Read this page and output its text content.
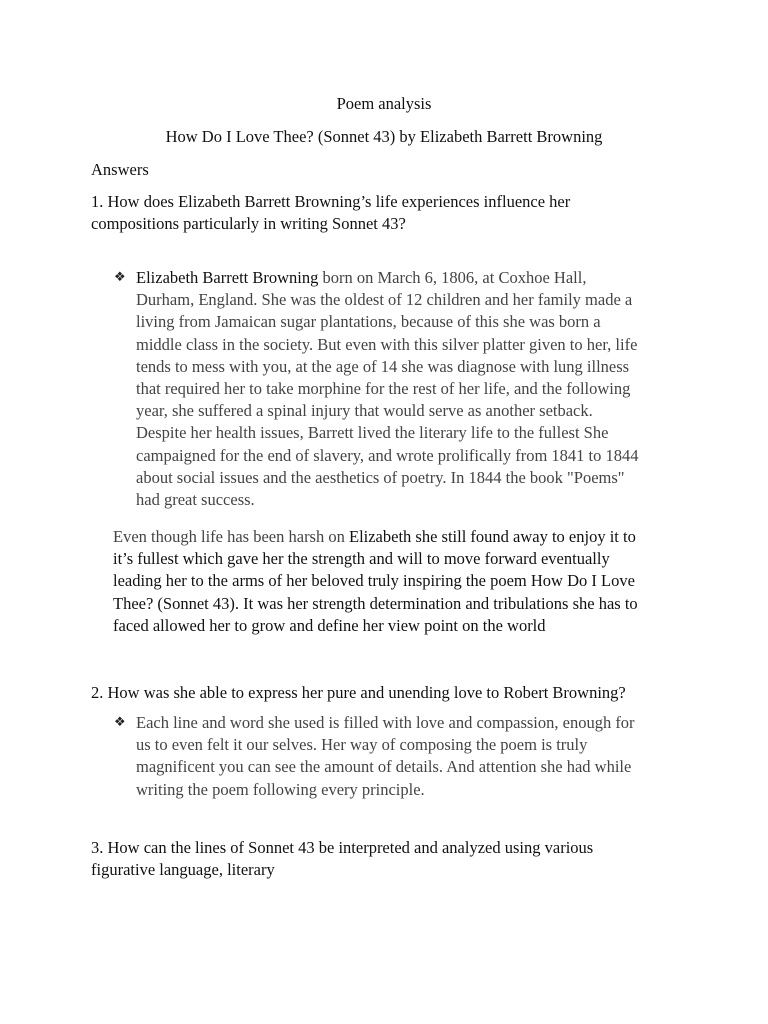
Poem analysis
How Do I Love Thee? (Sonnet 43) by Elizabeth Barrett Browning
Answers
1. How does Elizabeth Barrett Browning’s life experiences influence her
compositions particularly in writing Sonnet 43?
❖ Elizabeth Barrett Browning born on March 6, 1806, at Coxhoe Hall,
Durham, England. She was the oldest of 12 children and her family made a
living from Jamaican sugar plantations, because of this she was born a
middle class in the society. But even with this silver platter given to her, life
tends to mess with you, at the age of 14 she was diagnose with lung illness
that required her to take morphine for the rest of her life, and the following
year, she suffered a spinal injury that would serve as another setback.
Despite her health issues, Barrett lived the literary life to the fullest She
campaigned for the end of slavery, and wrote prolifically from 1841 to 1844
about social issues and the aesthetics of poetry. In 1844 the book "Poems"
had great success.
Even though life has been harsh on Elizabeth she still found away to enjoy it to
it’s fullest which gave her the strength and will to move forward eventually
leading her to the arms of her beloved truly inspiring the poem How Do I Love
Thee? (Sonnet 43). It was her strength determination and tribulations she has to
faced allowed her to grow and define her view point on the world
2. How was she able to express her pure and unending love to Robert Browning?
❖ Each line and word she used is filled with love and compassion, enough for
us to even felt it our selves. Her way of composing the poem is truly
magnificent you can see the amount of details. And attention she had while
writing the poem following every principle.
3. How can the lines of Sonnet 43 be interpreted and analyzed using various
figurative language, literary
